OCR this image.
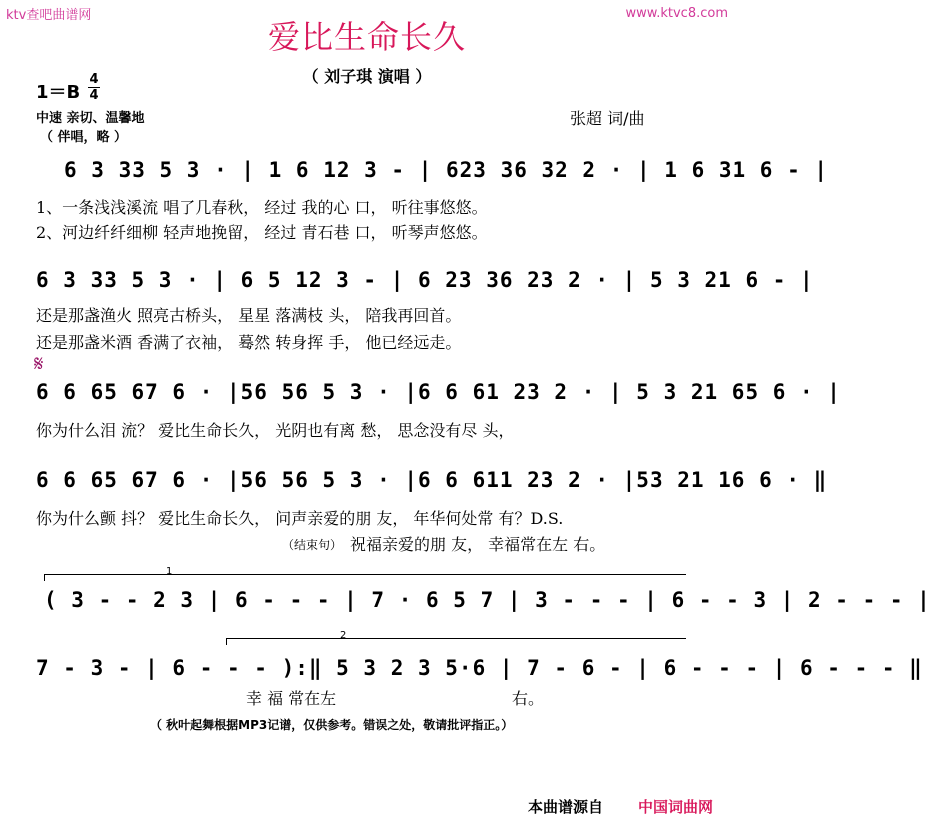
ktv查吧曲谱网	www.ktvc8.com
爱比生命长久
（ 刘子琪 演唱 ）
1＝B
4
4
中速 亲切、温馨地
（ 伴唱，略 ）
张超 词/曲
6 3 33 5 3 · | 1 6 12 3 - | 623 36 32 2 · | 1 6 31 6 - |
1、一条浅浅溪流 唱了几春秋， 经过 我的心 口， 听往事悠悠。
2、河边纤纤细柳 轻声地挽留， 经过 青石巷 口， 听琴声悠悠。
6 3 33 5 3 · | 6 5 12 3 - | 6 23 36 23 2 · | 5 3 21 6 - |
还是那盏渔火 照亮古桥头， 星星 落满枝 头， 陪我再回首。
还是那盏米酒 香满了衣袖， 蓦然 转身挥 手， 他已经远走。
𝄋
6 6 65 67 6 · |56 56 5 3 · |6 6 61 23 2 · | 5 3 21 65 6 · |
你为什么泪 流？ 爱比生命长久， 光阴也有离 愁， 思念没有尽 头，
6 6 65 67 6 · |56 56 5 3 · |6 6 611 23 2 · |53 21 16 6 · ‖
你为什么颤 抖？ 爱比生命长久， 问声亲爱的朋 友， 年华何处常 有？D.S.
（结束句） 祝福亲爱的朋 友， 幸福常在左 右。
1
( 3 - - 2 3 | 6 - - - | 7 · 6 5 7 | 3 - - - | 6 - - 3 | 2 - - - |
2
7 - 3 - | 6 - - - ):‖ 5 3 2 3 5·6 | 7 - 6 - | 6 - - - | 6 - - - ‖
幸 福 常在左	右。
（ 秋叶起舞根据MP3记谱，仅供参考。错误之处，敬请批评指正。）
本曲谱源自 中国词曲网
